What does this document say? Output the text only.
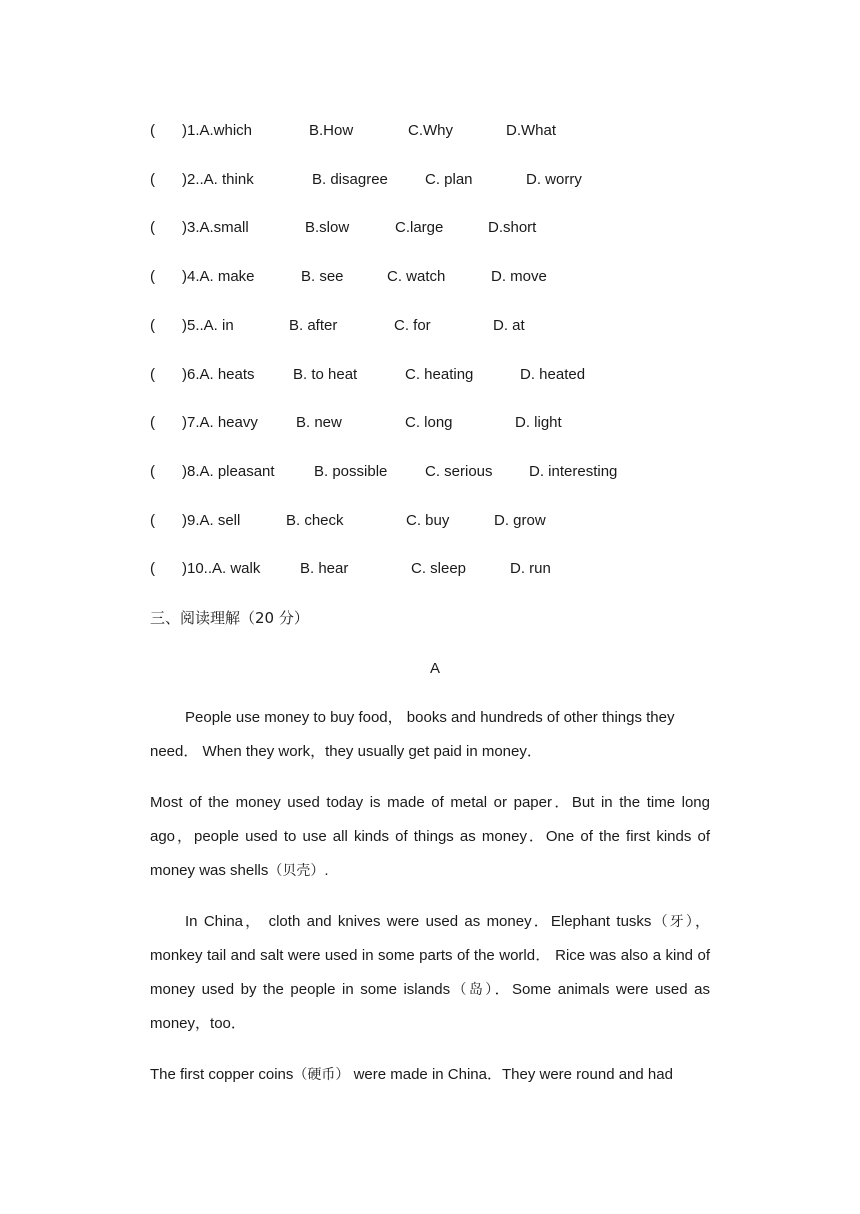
( )1.A.which	B.How	C.Why	D.What
( )2..A. think	B. disagree C. plan	D. worry
( )3.A.small	B.slow	C.large	D.short
( )4.A. make	B. see	C. watch	D. move
( )5..A. in	B. after	C. for	D. at
( )6.A. heats	B. to heat	C. heating	D. heated
( )7.A. heavy	B. new	C. long	D. light
( )8.A. pleasant	B. possible	C. serious D. interesting
( )9.A. sell	B. check	C. buy	D. grow
( )10..A. walk	B. hear	C. sleep	D. run
三、阅读理解（20 分）
A

People use money to buy food， books and hundreds of other things they need． When they work，they usually get paid in money．

Most of the money used today is made of metal or paper．But in the time long ago，people used to use all kinds of things as money．One of the first kinds of money was shells（贝壳）.

In China， cloth and knives were used as money．Elephant tusks（牙），monkey tail and salt were used in some parts of the world． Rice was also a kind of money used by the people in some islands（岛）．Some animals were used as money，too．

The first copper coins（硬币） were made in China．They were round and had
